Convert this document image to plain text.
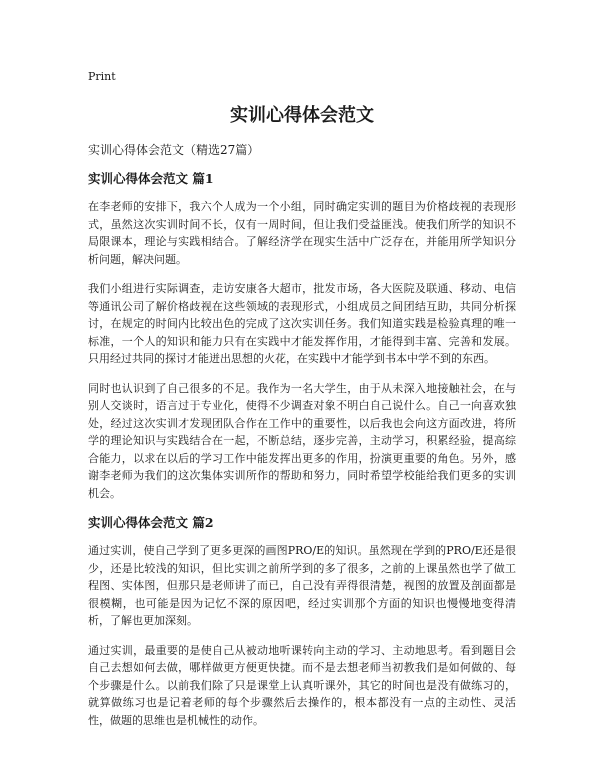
Print
实训心得体会范文
实训心得体会范文（精选27篇）
实训心得体会范文 篇1

在李老师的安排下，我六个人成为一个小组，同时确定实训的题目为价格歧视的表现形式，虽然这次实训时间不长，仅有一周时间，但让我们受益匪浅。使我们所学的知识不局限课本，理论与实践相结合。了解经济学在现实生活中广泛存在，并能用所学知识分析问题，解决问题。

我们小组进行实际调查，走访安康各大超市，批发市场，各大医院及联通、移动、电信等通讯公司了解价格歧视在这些领域的表现形式，小组成员之间团结互助，共同分析探讨，在规定的时间内比较出色的完成了这次实训任务。我们知道实践是检验真理的唯一标准，一个人的知识和能力只有在实践中才能发挥作用，才能得到丰富、完善和发展。只用经过共同的探讨才能迸出思想的火花，在实践中才能学到书本中学不到的东西。

同时也认识到了自己很多的不足。我作为一名大学生，由于从未深入地接触社会，在与别人交谈时，语言过于专业化，使得不少调查对象不明白自己说什么。自己一向喜欢独处，经过这次实训才发现团队合作在工作中的重要性，以后我也会向这方面改进，将所学的理论知识与实践结合在一起，不断总结，逐步完善，主动学习，积累经验，提高综合能力，以求在以后的学习工作中能发挥出更多的作用，扮演更重要的角色。另外，感谢李老师为我们的这次集体实训所作的帮助和努力，同时希望学校能给我们更多的实训机会。

实训心得体会范文 篇2

通过实训，使自己学到了更多更深的画图PRO/E的知识。虽然现在学到的PRO/E还是很少，还是比较浅的知识，但比实训之前所学到的多了很多，之前的上课虽然也学了做工程图、实体图，但那只是老师讲了而已，自己没有弄得很清楚，视图的放置及剖面都是很模糊，也可能是因为记忆不深的原因吧，经过实训那个方面的知识也慢慢地变得清析，了解也更加深刻。

通过实训，最重要的是使自己从被动地听课转向主动的学习、主动地思考。看到题目会自己去想如何去做，哪样做更方便更快捷。而不是去想老师当初教我们是如何做的、每个步骤是什么。以前我们除了只是课堂上认真听课外，其它的时间也是没有做练习的，就算做练习也是记着老师的每个步骤然后去操作的，根本都没有一点的主动性、灵活性，做题的思维也是机械性的动作。
